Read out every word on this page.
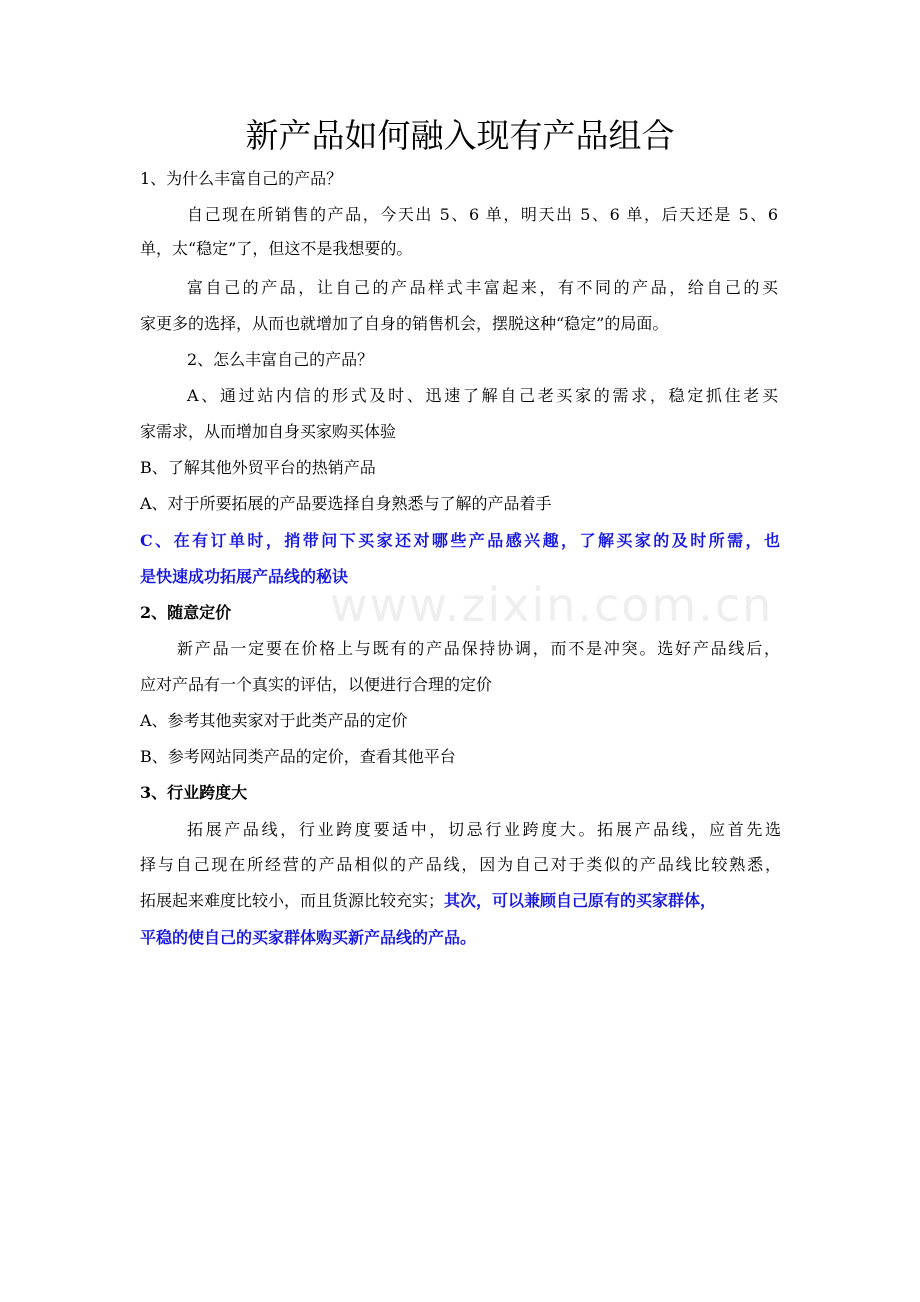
www.zixin.com.cn
新产品如何融入现有产品组合
1、为什么丰富自己的产品？
自己现在所销售的产品，今天出 5、6 单，明天出 5、6 单，后天还是 5、6
单，太“稳定”了，但这不是我想要的。
富自己的产品，让自己的产品样式丰富起来，有不同的产品，给自己的买
家更多的选择，从而也就增加了自身的销售机会，摆脱这种“稳定”的局面。
2、怎么丰富自己的产品？
A、通过站内信的形式及时、迅速了解自己老买家的需求，稳定抓住老买
家需求，从而增加自身买家购买体验
B、了解其他外贸平台的热销产品
A、对于所要拓展的产品要选择自身熟悉与了解的产品着手
C、在有订单时，捎带问下买家还对哪些产品感兴趣，了解买家的及时所需，也
是快速成功拓展产品线的秘诀
2、随意定价
新产品一定要在价格上与既有的产品保持协调，而不是冲突。选好产品线后，
应对产品有一个真实的评估，以便进行合理的定价
A、参考其他卖家对于此类产品的定价
B、参考网站同类产品的定价，查看其他平台
3、行业跨度大
拓展产品线，行业跨度要适中，切忌行业跨度大。拓展产品线，应首先选
择与自己现在所经营的产品相似的产品线，因为自己对于类似的产品线比较熟悉，
拓展起来难度比较小，而且货源比较充实；其次，可以兼顾自己原有的买家群体，
平稳的使自己的买家群体购买新产品线的产品。
